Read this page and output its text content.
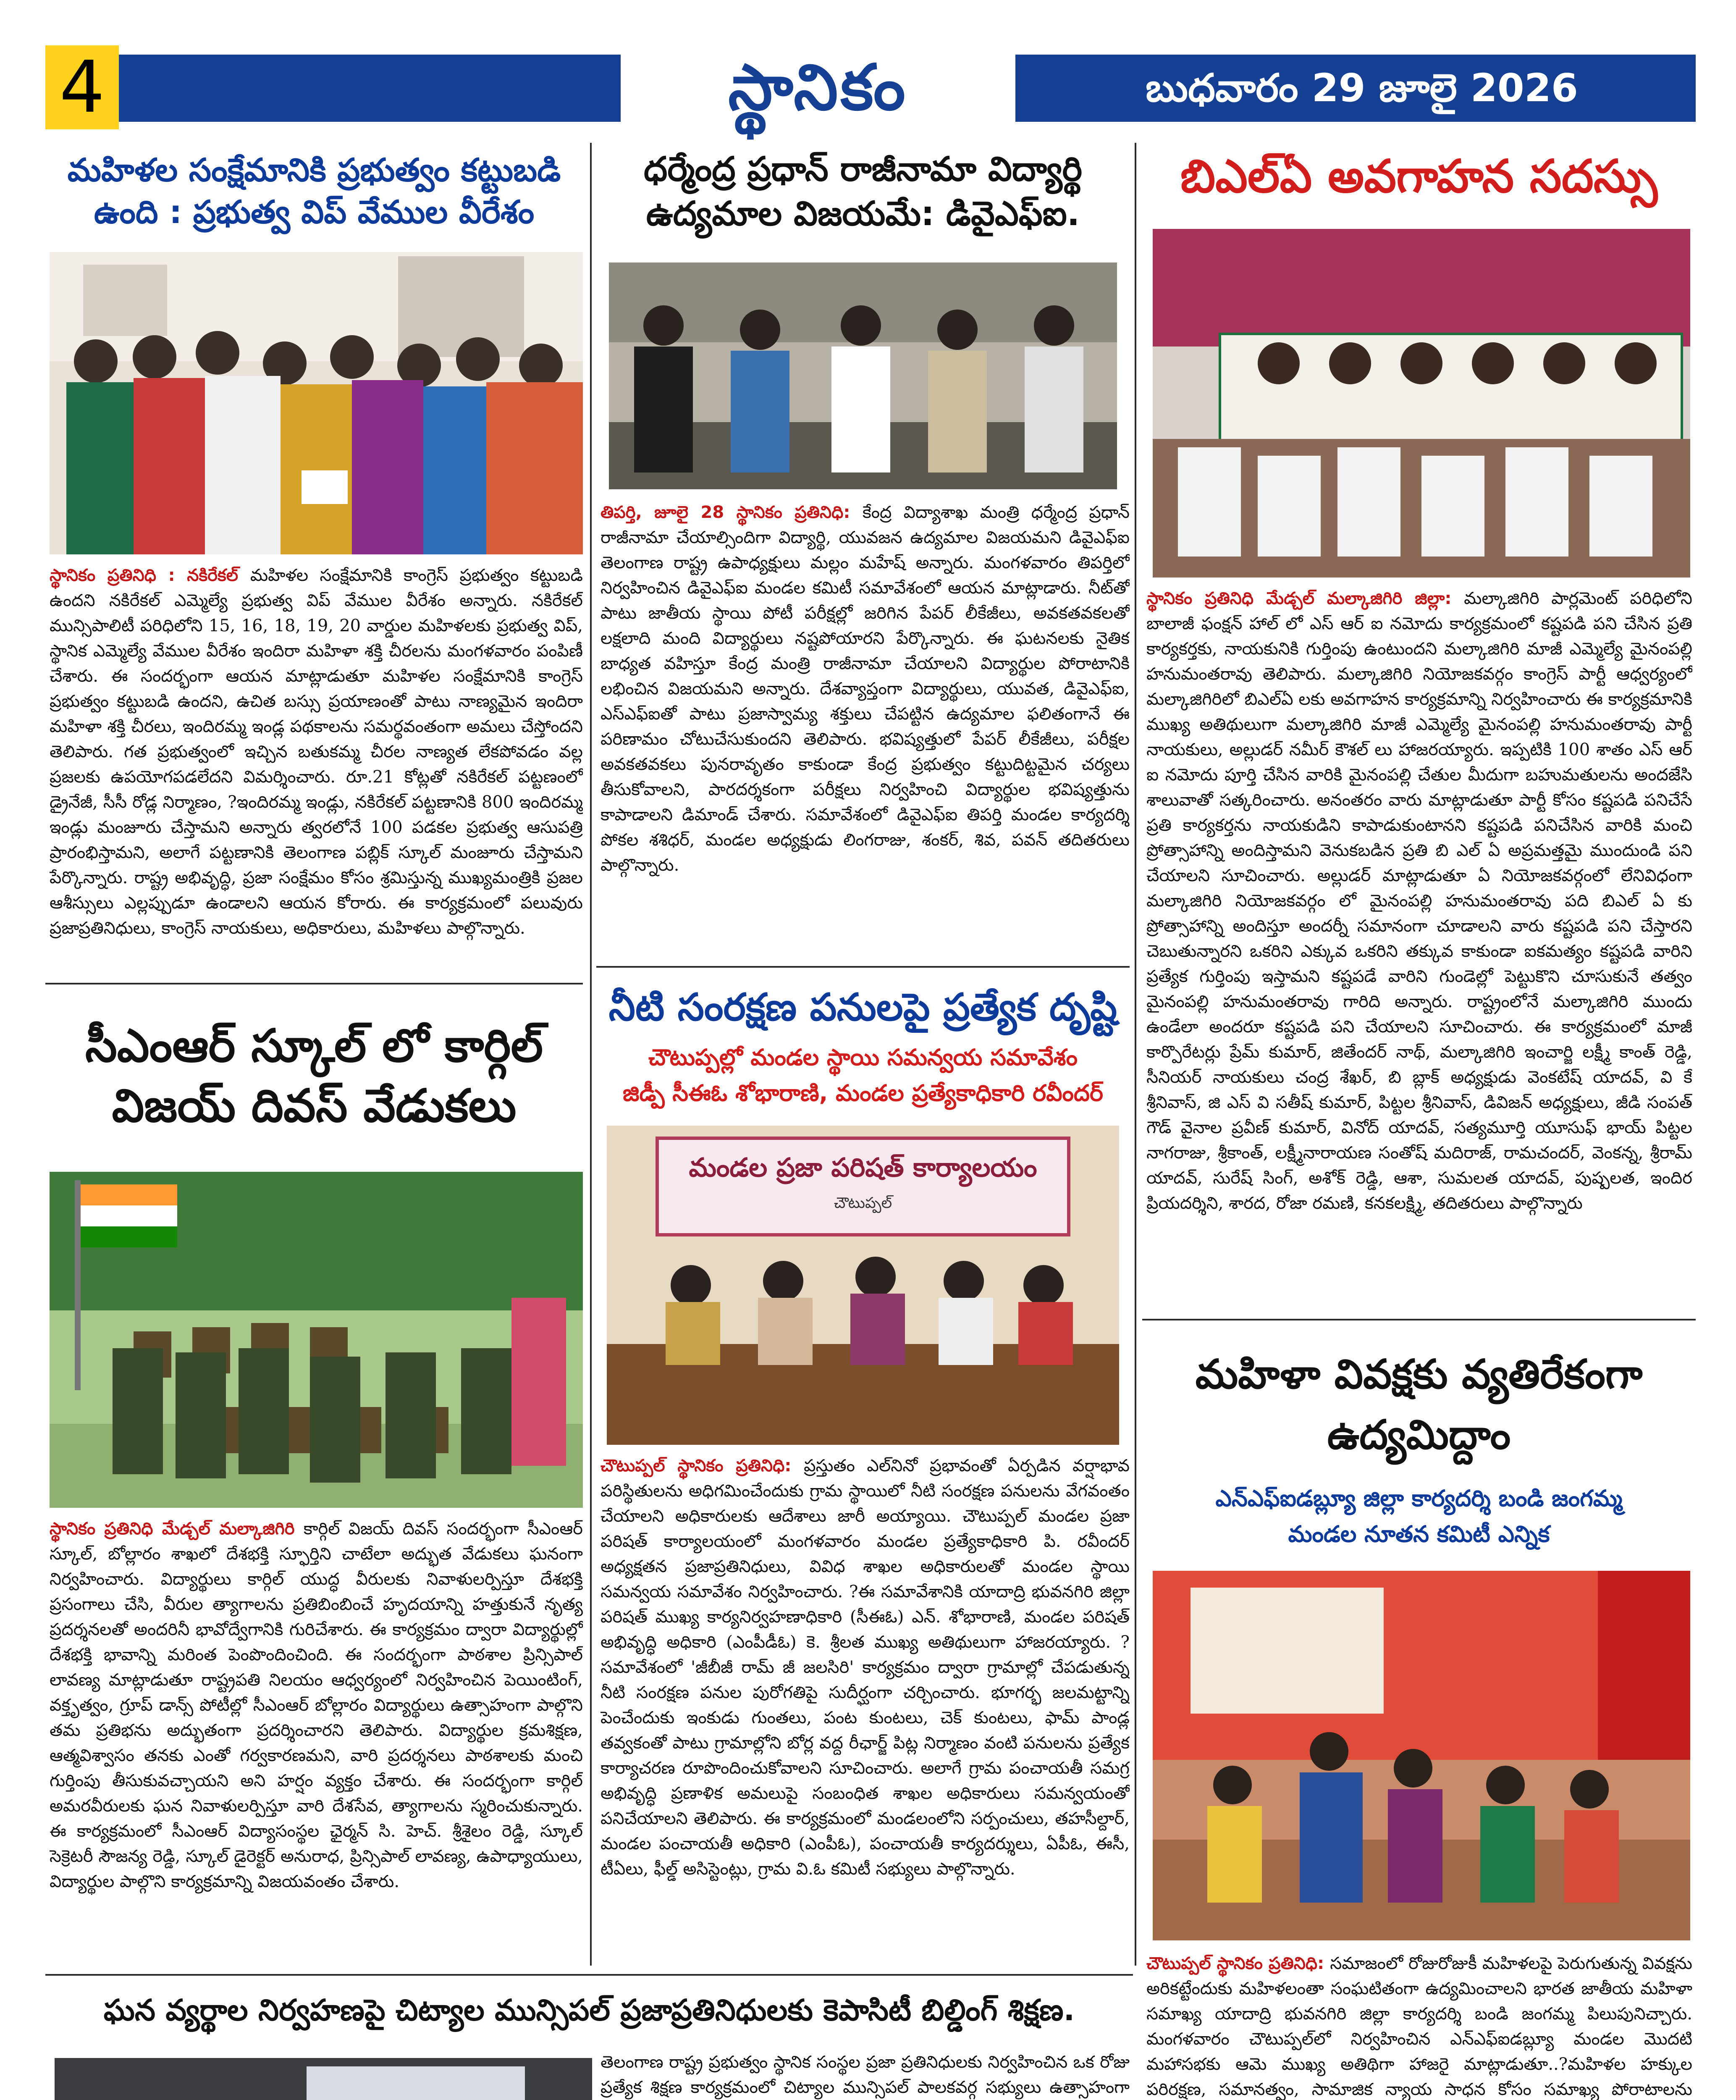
4	స్థానికం	బుధవారం 29 జూలై 2026
మహిళల సంక్షేమానికి ప్రభుత్వం కట్టుబడి ఉంది : ప్రభుత్వ విప్ వేముల వీరేశం
స్థానికం ప్రతినిధి : నకిరేకల్ మహిళల సంక్షేమానికి కాంగ్రెస్ ప్రభుత్వం కట్టుబడి ఉందని నకిరేకల్ ఎమ్మెల్యే ప్రభుత్వ విప్ వేముల వీరేశం అన్నారు. నకిరేకల్ మున్సిపాలిటీ పరిధిలోని 15, 16, 18, 19, 20 వార్డుల మహిళలకు ప్రభుత్వ విప్, స్థానిక ఎమ్మెల్యే వేముల వీరేశం ఇందిరా మహిళా శక్తి చీరలను మంగళవారం పంపిణీ చేశారు. ఈ సందర్భంగా ఆయన మాట్లాడుతూ మహిళల సంక్షేమానికి కాంగ్రెస్ ప్రభుత్వం కట్టుబడి ఉందని, ఉచిత బస్సు ప్రయాణంతో పాటు నాణ్యమైన ఇందిరా మహిళా శక్తి చీరలు, ఇందిరమ్మ ఇండ్ల పథకాలను సమర్థవంతంగా అమలు చేస్తోందని తెలిపారు. గత ప్రభుత్వంలో ఇచ్చిన బతుకమ్మ చీరల నాణ్యత లేకపోవడం వల్ల ప్రజలకు ఉపయోగపడలేదని విమర్శించారు. రూ.21 కోట్లతో నకిరేకల్ పట్టణంలో డ్రైనేజీ, సీసీ రోడ్ల నిర్మాణం, ?ఇందిరమ్మ ఇండ్లు, నకిరేకల్ పట్టణానికి 800 ఇందిరమ్మ ఇండ్లు మంజూరు చేస్తామని అన్నారు త్వరలోనే 100 పడకల ప్రభుత్వ ఆసుపత్రి ప్రారంభిస్తామని, అలాగే పట్టణానికి తెలంగాణ పబ్లిక్ స్కూల్ మంజూరు చేస్తామని పేర్కొన్నారు. రాష్ట్ర అభివృద్ధి, ప్రజా సంక్షేమం కోసం శ్రమిస్తున్న ముఖ్యమంత్రికి ప్రజల ఆశీస్సులు ఎల్లప్పుడూ ఉండాలని ఆయన కోరారు. ఈ కార్యక్రమంలో పలువురు ప్రజాప్రతినిధులు, కాంగ్రెస్ నాయకులు, అధికారులు, మహిళలు పాల్గొన్నారు.
సీఎంఆర్ స్కూల్ లో కార్గిల్ విజయ్ దివస్ వేడుకలు
స్థానికం ప్రతినిధి మేడ్చల్ మల్కాజిగిరి కార్గిల్ విజయ్ దివస్ సందర్భంగా సీఎంఆర్ స్కూల్, బోల్లారం శాఖలో దేశభక్తి స్ఫూర్తిని చాటేలా అద్భుత వేడుకలు ఘనంగా నిర్వహించారు. విద్యార్థులు కార్గిల్ యుద్ధ వీరులకు నివాళులర్పిస్తూ దేశభక్తి ప్రసంగాలు చేసి, వీరుల త్యాగాలను ప్రతిబింబించే హృదయాన్ని హత్తుకునే నృత్య ప్రదర్శనలతో అందరినీ భావోద్వేగానికి గురిచేశారు. ఈ కార్యక్రమం ద్వారా విద్యార్థుల్లో దేశభక్తి భావాన్ని మరింత పెంపొందించింది. ఈ సందర్భంగా పాఠశాల ప్రిన్సిపాల్ లావణ్య మాట్లాడుతూ రాష్ట్రపతి నిలయం ఆధ్వర్యంలో నిర్వహించిన పెయింటింగ్, వక్తృత్వం, గ్రూప్ డాన్స్ పోటీల్లో సీఎంఆర్ బోల్లారం విద్యార్థులు ఉత్సాహంగా పాల్గొని తమ ప్రతిభను అద్భుతంగా ప్రదర్శించారని తెలిపారు. విద్యార్థుల క్రమశిక్షణ, ఆత్మవిశ్వాసం తనకు ఎంతో గర్వకారణమని, వారి ప్రదర్శనలు పాఠశాలకు మంచి గుర్తింపు తీసుకువచ్చాయని అని హర్షం వ్యక్తం చేశారు. ఈ సందర్భంగా కార్గిల్ అమరవీరులకు ఘన నివాళులర్పిస్తూ వారి దేశసేవ, త్యాగాలను స్మరించుకున్నారు. ఈ కార్యక్రమంలో సీఎంఆర్ విద్యాసంస్థల ఛైర్మన్ సి. హెచ్. శ్రీశైలం రెడ్డి, స్కూల్ సెక్రెటరీ సౌజన్య రెడ్డి, స్కూల్ డైరెక్టర్ అనురాధ, ప్రిన్సిపాల్ లావణ్య, ఉపాధ్యాయులు, విద్యార్థుల పాల్గొని కార్యక్రమాన్ని విజయవంతం చేశారు.
ధర్మేంద్ర ప్రధాన్ రాజీనామా విద్యార్థి ఉద్యమాల విజయమే: డివైఎఫ్ఐ.
తిపర్తి, జూలై 28 స్థానికం ప్రతినిధి: కేంద్ర విద్యాశాఖ మంత్రి ధర్మేంద్ర ప్రధాన్ రాజీనామా చేయాల్సిందిగా విద్యార్థి, యువజన ఉద్యమాల విజయమని డివైఎఫ్ఐ తెలంగాణ రాష్ట్ర ఉపాధ్యక్షులు మల్లం మహేష్ అన్నారు. మంగళవారం తిపర్తిలో నిర్వహించిన డివైఎఫ్ఐ మండల కమిటీ సమావేశంలో ఆయన మాట్లాడారు. నీట్‌తో పాటు జాతీయ స్థాయి పోటీ పరీక్షల్లో జరిగిన పేపర్ లీకేజీలు, అవకతవకలతో లక్షలాది మంది విద్యార్థులు నష్టపోయారని పేర్కొన్నారు. ఈ ఘటనలకు నైతిక బాధ్యత వహిస్తూ కేంద్ర మంత్రి రాజీనామా చేయాలని విద్యార్థుల పోరాటానికి లభించిన విజయమని అన్నారు. దేశవ్యాప్తంగా విద్యార్థులు, యువత, డివైఎఫ్ఐ, ఎస్ఎఫ్ఐతో పాటు ప్రజాస్వామ్య శక్తులు చేపట్టిన ఉద్యమాల ఫలితంగానే ఈ పరిణామం చోటుచేసుకుందని తెలిపారు. భవిష్యత్తులో పేపర్ లీకేజీలు, పరీక్షల అవకతవకలు పునరావృతం కాకుండా కేంద్ర ప్రభుత్వం కట్టుదిట్టమైన చర్యలు తీసుకోవాలని, పారదర్శకంగా పరీక్షలు నిర్వహించి విద్యార్థుల భవిష్యత్తును కాపాడాలని డిమాండ్ చేశారు. సమావేశంలో డివైఎఫ్ఐ తిపర్తి మండల కార్యదర్శి పోకల శశిధర్, మండల అధ్యక్షుడు లింగరాజు, శంకర్, శివ, పవన్ తదితరులు పాల్గొన్నారు.
నీటి సంరక్షణ పనులపై ప్రత్యేక దృష్టి
చౌటుప్పల్లో మండల స్థాయి సమన్వయ సమావేశం
జిడ్పీ సీఈఓ శోభారాణి, మండల ప్రత్యేకాధికారి రవీందర్
మండల ప్రజా పరిషత్ కార్యాలయం
చౌటుప్పల్
చౌటుప్పల్ స్థానికం ప్రతినిధి: ప్రస్తుతం ఎల్‌నినో ప్రభావంతో ఏర్పడిన వర్షాభావ పరిస్థితులను అధిగమించేందుకు గ్రామ స్థాయిలో నీటి సంరక్షణ పనులను వేగవంతం చేయాలని అధికారులకు ఆదేశాలు జారీ అయ్యాయి. చౌటుప్పల్ మండల ప్రజా పరిషత్ కార్యాలయంలో మంగళవారం మండల ప్రత్యేకాధికారి పి. రవీందర్ అధ్యక్షతన ప్రజాప్రతినిధులు, వివిధ శాఖల అధికారులతో మండల స్థాయి సమన్వయ సమావేశం నిర్వహించారు. ?ఈ సమావేశానికి యాదాద్రి భువనగిరి జిల్లా పరిషత్ ముఖ్య కార్యనిర్వహణాధికారి (సీఈఓ) ఎన్. శోభారాణి, మండల పరిషత్ అభివృద్ధి అధికారి (ఎంపీడీఓ) కె. శ్రీలత ముఖ్య అతిథులుగా హాజరయ్యారు. ?సమావేశంలో 'జీబీజీ రామ్ జీ జలసిరి' కార్యక్రమం ద్వారా గ్రామాల్లో చేపడుతున్న నీటి సంరక్షణ పనుల పురోగతిపై సుదీర్ఘంగా చర్చించారు. భూగర్భ జలమట్టాన్ని పెంచేందుకు ఇంకుడు గుంతలు, పంట కుంటలు, చెక్ కుంటలు, ఫామ్ పాండ్ల తవ్వకంతో పాటు గ్రామాల్లోని బోర్ల వద్ద రీఛార్జ్ పిట్ల నిర్మాణం వంటి పనులను ప్రత్యేక కార్యాచరణ రూపొందించుకోవాలని సూచించారు. అలాగే గ్రామ పంచాయతీ సమగ్ర అభివృద్ధి ప్రణాళిక అమలుపై సంబంధిత శాఖల అధికారులు సమన్వయంతో పనిచేయాలని తెలిపారు. ఈ కార్యక్రమంలో మండలంలోని సర్పంచులు, తహసీల్దార్, మండల పంచాయతీ అధికారి (ఎంపీఓ), పంచాయతీ కార్యదర్శులు, ఏపీఓ, ఈసీ, టీఏలు, ఫీల్డ్ అసిస్టెంట్లు, గ్రామ వి.ఓ కమిటీ సభ్యులు పాల్గొన్నారు.
బిఎల్ఏ అవగాహన సదస్సు
స్థానికం ప్రతినిధి మేడ్చల్ మల్కాజిగిరి జిల్లా: మల్కాజిగిరి పార్లమెంట్ పరిధిలోని బాలాజీ ఫంక్షన్ హాల్ లో ఎస్ ఆర్ ఐ నమోదు కార్యక్రమంలో కష్టపడి పని చేసిన ప్రతి కార్యకర్తకు, నాయకునికి గుర్తింపు ఉంటుందని మల్కాజిగిరి మాజీ ఎమ్మెల్యే మైనంపల్లి హనుమంతరావు తెలిపారు. మల్కాజిగిరి నియోజకవర్గం కాంగ్రెస్ పార్టీ ఆధ్వర్యంలో మల్కాజిగిరిలో బిఎల్ఏ లకు అవగాహన కార్యక్రమాన్ని నిర్వహించారు ఈ కార్యక్రమానికి ముఖ్య అతిథులుగా మల్కాజిగిరి మాజీ ఎమ్మెల్యే మైనంపల్లి హనుమంతరావు పార్టీ నాయకులు, అల్లుడర్ నమీర్ కౌశల్ లు హాజరయ్యారు. ఇప్పటికి 100 శాతం ఎస్ ఆర్ ఐ నమోదు పూర్తి చేసిన వారికి మైనంపల్లి చేతుల మీదుగా బహుమతులను అందజేసి శాలువాతో సత్కరించారు. అనంతరం వారు మాట్లాడుతూ పార్టీ కోసం కష్టపడి పనిచేసే ప్రతి కార్యకర్తను నాయకుడిని కాపాడుకుంటానని కష్టపడి పనిచేసిన వారికి మంచి ప్రోత్సాహాన్ని అందిస్తామని వెనుకబడిన ప్రతి బి ఎల్ ఏ అప్రమత్తమై ముందుండి పని చేయాలని సూచించారు. అల్లుడర్ మాట్లాడుతూ ఏ నియోజకవర్గంలో లేనివిధంగా మల్కాజిగిరి నియోజకవర్గం లో మైనంపల్లి హనుమంతరావు పది బిఎల్ ఏ కు ప్రోత్సాహాన్ని అందిస్తూ అందర్నీ సమానంగా చూడాలని వారు కష్టపడి పని చేస్తారని చెబుతున్నారని ఒకరిని ఎక్కువ ఒకరిని తక్కువ కాకుండా ఐకమత్యం కష్టపడి వారిని ప్రత్యేక గుర్తింపు ఇస్తామని కష్టపడే వారిని గుండెల్లో పెట్టుకొని చూసుకునే తత్వం మైనంపల్లి హనుమంతరావు గారిది అన్నారు. రాష్ట్రంలోనే మల్కాజిగిరి ముందు ఉండేలా అందరూ కష్టపడి పని చేయాలని సూచించారు. ఈ కార్యక్రమంలో మాజీ కార్పొరేటర్లు ప్రేమ్ కుమార్, జితేందర్ నాథ్, మల్కాజిగిరి ఇంచార్జి లక్ష్మీ కాంత్ రెడ్డి, సీనియర్ నాయకులు చంద్ర శేఖర్, బి బ్లాక్ అధ్యక్షుడు వెంకటేష్ యాదవ్, వి కే శ్రీనివాస్, జి ఎస్ వి సతీష్ కుమార్, పిట్టల శ్రీనివాస్, డివిజన్ అధ్యక్షులు, జీడి సంపత్ గౌడ్ వైనాల ప్రవీణ్ కుమార్, వినోద్ యాదవ్, సత్యమూర్తి యూసుఫ్ భాయ్ పిట్టల నాగరాజు, శ్రీకాంత్, లక్ష్మీనారాయణ సంతోష్ మదిరాజ్, రామచందర్, వెంకన్న, శ్రీరామ్ యాదవ్, సురేష్ సింగ్, అశోక్ రెడ్డి, ఆశా, సుమలత యాదవ్, పుష్పలత, ఇందిర ప్రియదర్శిని, శారద, రోజా రమణి, కనకలక్ష్మి, తదితరులు పాల్గొన్నారు
మహిళా వివక్షకు వ్యతిరేకంగా ఉద్యమిద్దాం
ఎన్ఎఫ్ఐడబ్ల్యూ జిల్లా కార్యదర్శి బండి జంగమ్మ
మండల నూతన కమిటీ ఎన్నిక
చౌటుప్పల్ స్థానికం ప్రతినిధి: సమాజంలో రోజురోజుకీ మహిళలపై పెరుగుతున్న వివక్షను అరికట్టేందుకు మహిళలంతా సంఘటితంగా ఉద్యమించాలని భారత జాతీయ మహిళా సమాఖ్య యాదాద్రి భువనగిరి జిల్లా కార్యదర్శి బండి జంగమ్మ పిలుపునిచ్చారు. మంగళవారం చౌటుప్పల్‌లో నిర్వహించిన ఎన్ఎఫ్ఐడబ్ల్యూ మండల మొదటి మహాసభకు ఆమె ముఖ్య అతిథిగా హాజరై మాట్లాడుతూ..?మహిళల హక్కుల పరిరక్షణ, సమానత్వం, సామాజిక న్యాయ సాధన కోసం సమాఖ్య పోరాటాలను
ఘన వ్యర్థాల నిర్వహణపై చిట్యాల మున్సిపల్ ప్రజాప్రతినిధులకు కెపాసిటీ బిల్డింగ్ శిక్షణ.
తెలంగాణ రాష్ట్ర ప్రభుత్వం స్థానిక సంస్థల ప్రజా ప్రతినిధులకు నిర్వహించిన ఒక రోజు ప్రత్యేక శిక్షణ కార్యక్రమంలో చిట్యాల మున్సిపల్ పాలకవర్గ సభ్యులు ఉత్సాహంగా
